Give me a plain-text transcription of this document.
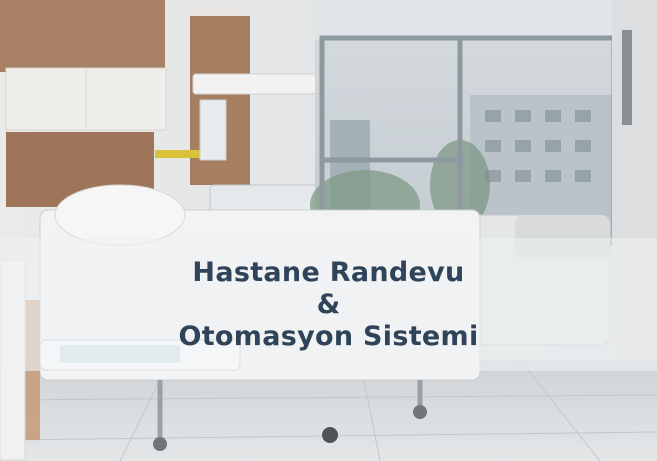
Hastane Randevu
&
Otomasyon Sistemi
